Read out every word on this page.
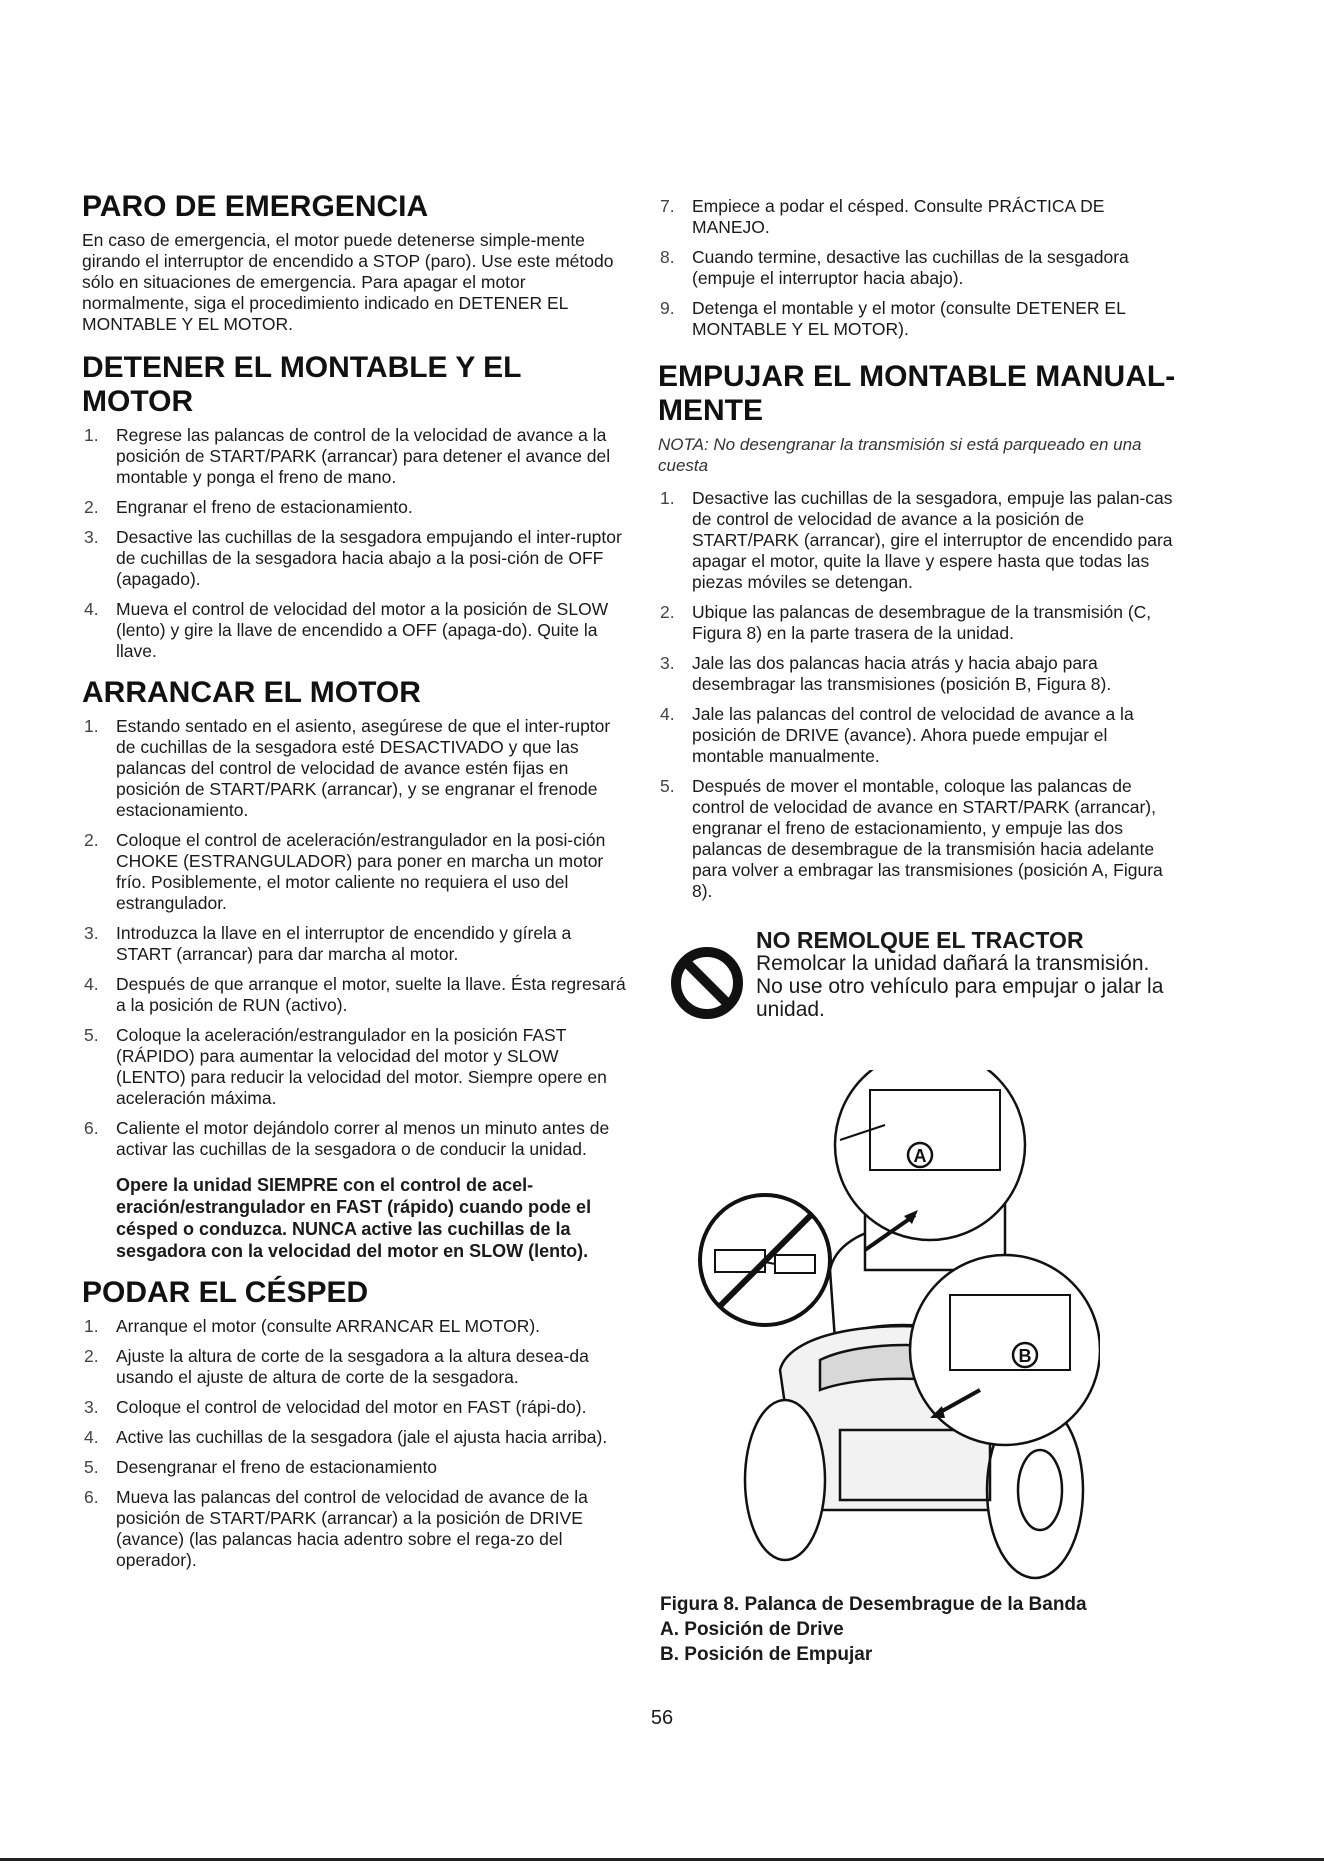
PARO DE EMERGENCIA

En caso de emergencia, el motor puede detenerse simple-mente girando el interruptor de encendido a STOP (paro). Use este método sólo en situaciones de emergencia. Para apagar el motor normalmente, siga el procedimiento indicado en DETENER EL MONTABLE Y EL MOTOR.

DETENER EL MONTABLE Y EL
MOTOR
1. Regrese las palancas de control de la velocidad de avance a la posición de START/PARK (arrancar) para detener el avance del montable y ponga el freno de mano.
2. Engranar el freno de estacionamiento.
3. Desactive las cuchillas de la sesgadora empujando el inter-ruptor de cuchillas de la sesgadora hacia abajo a la posi-ción de OFF (apagado).
4. Mueva el control de velocidad del motor a la posición de SLOW (lento) y gire la llave de encendido a OFF (apaga-do). Quite la llave.
ARRANCAR EL MOTOR
1. Estando sentado en el asiento, asegúrese de que el inter-ruptor de cuchillas de la sesgadora esté DESACTIVADO y que las palancas del control de velocidad de avance estén fijas en posición de START/PARK (arrancar), y se engranar el frenode estacionamiento.
2. Coloque el control de aceleración/estrangulador en la posi-ción CHOKE (ESTRANGULADOR) para poner en marcha un motor frío. Posiblemente, el motor caliente no requiera el uso del estrangulador.
3. Introduzca la llave en el interruptor de encendido y gírela a START (arrancar) para dar marcha al motor.
4. Después de que arranque el motor, suelte la llave. Ésta regresará a la posición de RUN (activo).
5. Coloque la aceleración/estrangulador en la posición FAST (RÁPIDO) para aumentar la velocidad del motor y SLOW (LENTO) para reducir la velocidad del motor. Siempre opere en aceleración máxima.
6. Caliente el motor dejándolo correr al menos un minuto antes de activar las cuchillas de la sesgadora o de conducir la unidad.
Opere la unidad SIEMPRE con el control de acel-eración/estrangulador en FAST (rápido) cuando pode el césped o conduzca. NUNCA active las cuchillas de la sesgadora con la velocidad del motor en SLOW (lento).
PODAR EL CÉSPED
1. Arranque el motor (consulte ARRANCAR EL MOTOR).
2. Ajuste la altura de corte de la sesgadora a la altura desea-da usando el ajuste de altura de corte de la sesgadora.
3. Coloque el control de velocidad del motor en FAST (rápi-do).
4. Active las cuchillas de la sesgadora (jale el ajusta hacia arriba).
5. Desengranar el freno de estacionamiento
6. Mueva las palancas del control de velocidad de avance de la posición de START/PARK (arrancar) a la posición de DRIVE (avance) (las palancas hacia adentro sobre el rega-zo del operador).
7. Empiece a podar el césped. Consulte PRÁCTICA DE MANEJO.
8. Cuando termine, desactive las cuchillas de la sesgadora (empuje el interruptor hacia abajo).
9. Detenga el montable y el motor (consulte DETENER EL MONTABLE Y EL MOTOR).
EMPUJAR EL MONTABLE MANUAL-
MENTE
NOTA: No desengranar la transmisión si está parqueado en una cuesta
1. Desactive las cuchillas de la sesgadora, empuje las palan-cas de control de velocidad de avance a la posición de START/PARK (arrancar), gire el interruptor de encendido para apagar el motor, quite la llave y espere hasta que todas las piezas móviles se detengan.
2. Ubique las palancas de desembrague de la transmisión (C, Figura 8) en la parte trasera de la unidad.
3. Jale las dos palancas hacia atrás y hacia abajo para desembragar las transmisiones (posición B, Figura 8).
4. Jale las palancas del control de velocidad de avance a la posición de DRIVE (avance). Ahora puede empujar el montable manualmente.
5. Después de mover el montable, coloque las palancas de control de velocidad de avance en START/PARK (arrancar), engranar el freno de estacionamiento, y empuje las dos palancas de desembrague de la transmisión hacia adelante para volver a embragar las transmisiones (posición A, Figura 8).
NO REMOLQUE EL TRACTOR
Remolcar la unidad dañará la transmisión.
No use otro vehículo para empujar o jalar la
unidad.
A
B
Figura 8. Palanca de Desembrague de la Banda
A. Posición de Drive
B. Posición de Empujar
56
